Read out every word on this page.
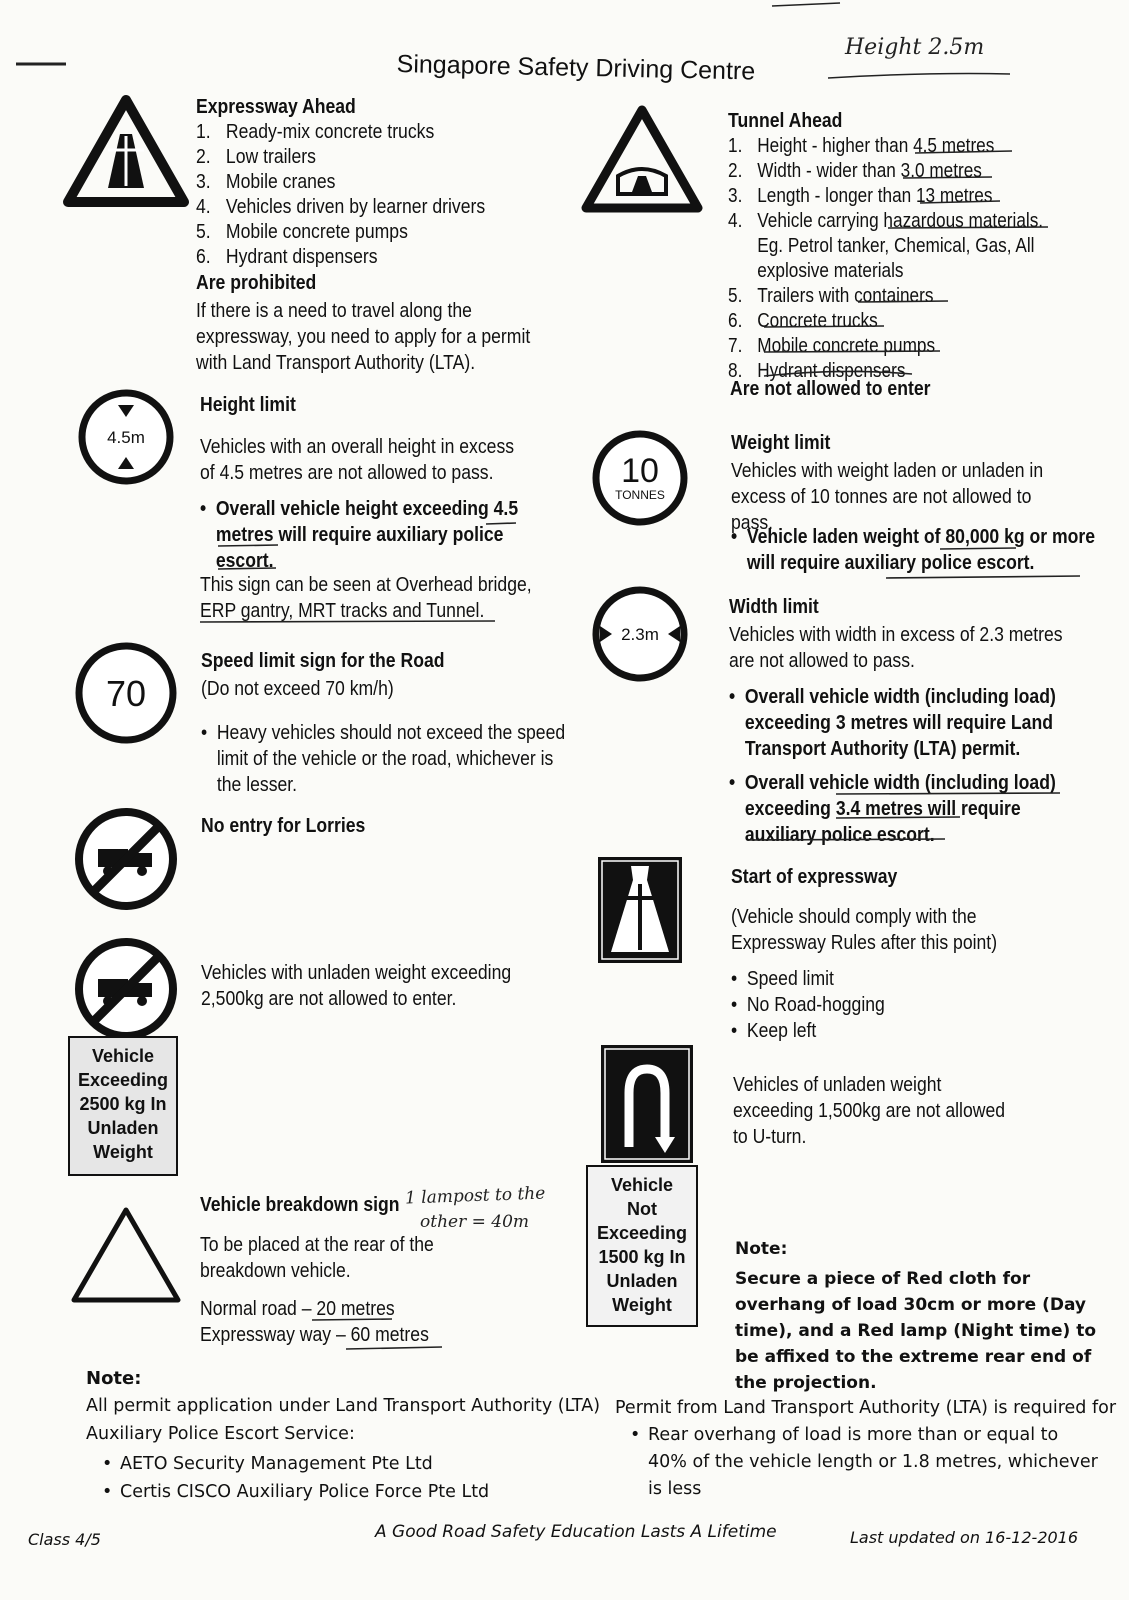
Singapore Safety Driving Centre
Height 2.5m
Expressway Ahead
1. Ready-mix concrete trucks
2. Low trailers
3. Mobile cranes
4. Vehicles driven by learner drivers
5. Mobile concrete pumps
6. Hydrant dispensers
Are prohibited
If there is a need to travel along the expressway, you need to apply for a permit with Land Transport Authority (LTA).
4.5m
Height limit
Vehicles with an overall height in excess of 4.5 metres are not allowed to pass.
• Overall vehicle height exceeding 4.5 metres will require auxiliary police escort.
This sign can be seen at Overhead bridge, ERP gantry, MRT tracks and Tunnel.
70
Speed limit sign for the Road
(Do not exceed 70 km/h)
• Heavy vehicles should not exceed the speed limit of the vehicle or the road, whichever is the lesser.
No entry for Lorries
Vehicle
Exceeding
2500 kg In
Unladen
Weight
Vehicles with unladen weight exceeding 2,500kg are not allowed to enter.
Vehicle breakdown sign 1 lampost to the
other = 40m
To be placed at the rear of the breakdown vehicle.
Normal road – 20 metres
Expressway way – 60 metres
Tunnel Ahead
1. Height - higher than 4.5 metres
2. Width - wider than 3.0 metres
3. Length - longer than 13 metres
4. Vehicle carrying hazardous materials.
Eg. Petrol tanker, Chemical, Gas, All
explosive materials
5. Trailers with containers
6. Concrete trucks
7. Mobile concrete pumps
8. Hydrant dispensers
Are not allowed to enter
10
TONNES
Weight limit
Vehicles with weight laden or unladen in excess of 10 tonnes are not allowed to pass.
• Vehicle laden weight of 80,000 kg or more will require auxiliary police escort.
2.3m
Width limit
Vehicles with width in excess of 2.3 metres are not allowed to pass.
• Overall vehicle width (including load) exceeding 3 metres will require Land Transport Authority (LTA) permit.
• Overall vehicle width (including load) exceeding 3.4 metres will require auxiliary police escort.
Start of expressway
(Vehicle should comply with the Expressway Rules after this point)
• Speed limit
• No Road-hogging
• Keep left
Vehicle
Not
Exceeding
1500 kg In
Unladen
Weight
Vehicles of unladen weight exceeding 1,500kg are not allowed to U-turn.
Note:
Secure a piece of Red cloth for overhang of load 30cm or more (Day time), and a Red lamp (Night time) to be affixed to the extreme rear end of the projection.
Note:
All permit application under Land Transport Authority (LTA)
Auxiliary Police Escort Service:
• AETO Security Management Pte Ltd
• Certis CISCO Auxiliary Police Force Pte Ltd
Permit from Land Transport Authority (LTA) is required for
• Rear overhang of load is more than or equal to 40% of the vehicle length or 1.8 metres, whichever is less
Class 4/5	A Good Road Safety Education Lasts A Lifetime	Last updated on 16-12-2016
